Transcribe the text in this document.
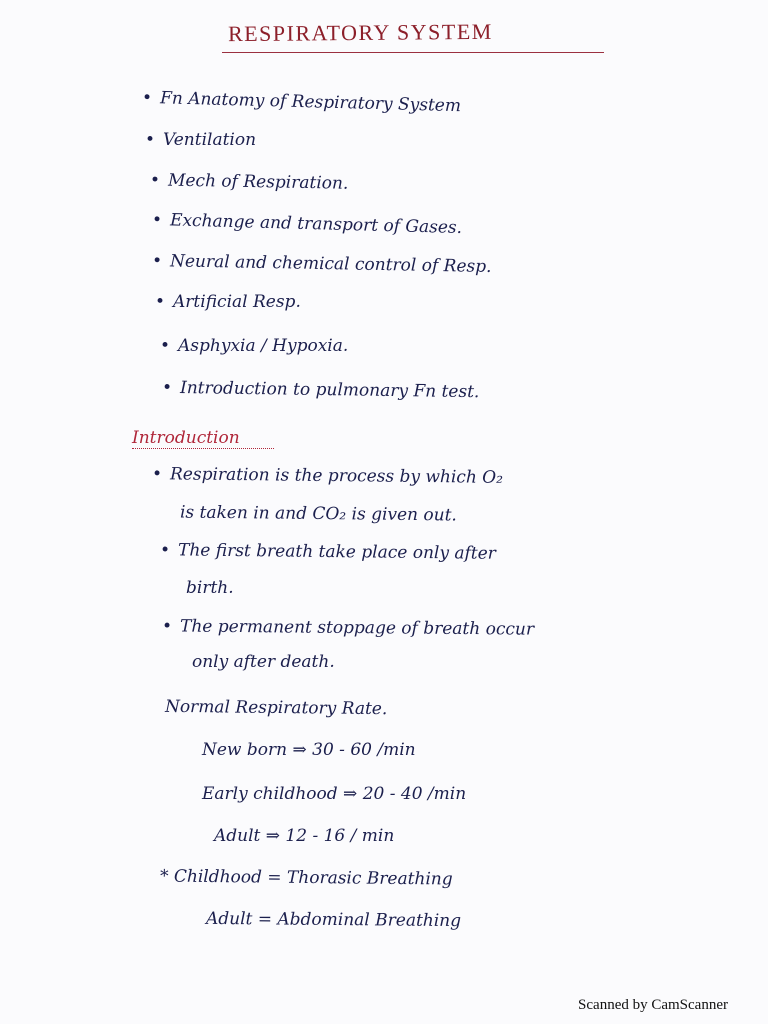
RESPIRATORY SYSTEM
• Fn Anatomy of Respiratory System
• Ventilation
• Mech of Respiration.
• Exchange and transport of Gases.
• Neural and chemical control of Resp.
• Artificial Resp.
• Asphyxia / Hypoxia.
• Introduction to pulmonary Fn test.
Introduction
• Respiration is the process by which O₂
is taken in and CO₂ is given out.
• The first breath take place only after
birth.
• The permanent stoppage of breath occur
only after death.
Normal Respiratory Rate.
New born ⇒ 30 - 60 /min
Early childhood ⇒ 20 - 40 /min
Adult ⇒ 12 - 16 / min
* Childhood = Thorasic Breathing
Adult = Abdominal Breathing
Scanned by CamScanner
